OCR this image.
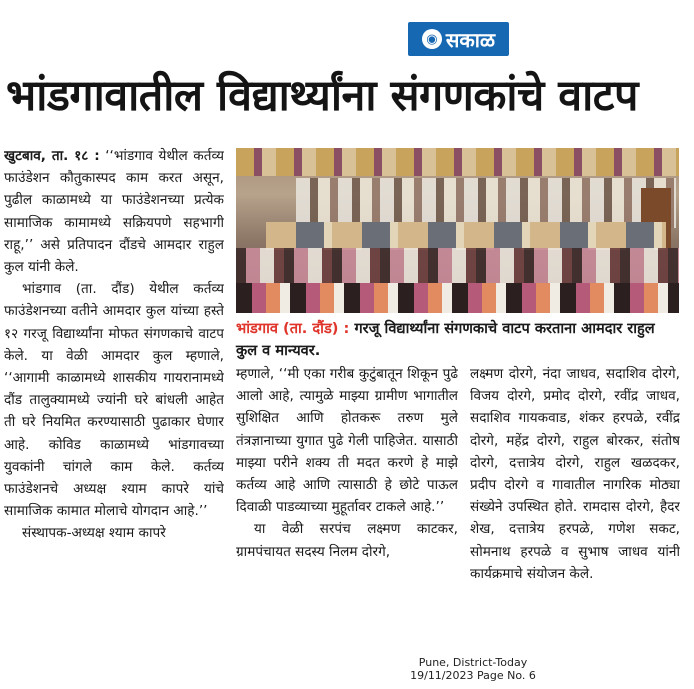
◉ सकाळ
भांडगावातील विद्यार्थ्यांना संगणकांचे वाटप

खुटबाव, ता. १८ : ‘‘भांडगाव येथील कर्तव्य फाउंडेशन कौतुकास्पद काम करत असून, पुढील काळामध्ये या फाउंडेशनच्या प्रत्येक सामाजिक कामामध्ये सक्रियपणे सहभागी राहू,’’ असे प्रतिपादन दौंडचे आमदार राहुल कुल यांनी केले.

भांडगाव (ता. दौंड) येथील कर्तव्य फाउंडेशनच्या वतीने आमदार कुल यांच्या हस्ते १२ गरजू विद्यार्थ्यांना मोफत संगणकाचे वाटप केले. या वेळी आमदार कुल म्हणाले, ‘‘आगामी काळामध्ये शासकीय गायरानामध्ये दौंड तालुक्यामध्ये ज्यांनी घरे बांधली आहेत ती घरे नियमित करण्यासाठी पुढाकार घेणार आहे. कोविड काळामध्ये भांडगावच्या युवकांनी चांगले काम केले. कर्तव्य फाउंडेशनचे अध्यक्ष श्याम कापरे यांचे सामाजिक कामात मोलाचे योगदान आहे.’’

संस्थापक-अध्यक्ष श्याम कापरे

भांडगाव (ता. दौंड) : गरजू विद्यार्थ्यांना संगणकाचे वाटप करताना आमदार राहुल कुल व मान्यवर.

म्हणाले, ‘‘मी एका गरीब कुटुंबातून शिकून पुढे आलो आहे, त्यामुळे माझ्या ग्रामीण भागातील सुशिक्षित आणि होतकरू तरुण मुले तंत्रज्ञानाच्या युगात पुढे गेली पाहिजेत. यासाठी माझ्या परीने शक्य ती मदत करणे हे माझे कर्तव्य आहे आणि त्यासाठी हे छोटे पाऊल दिवाळी पाडव्याच्या मुहूर्तावर टाकले आहे.’’

या वेळी सरपंच लक्ष्मण काटकर, ग्रामपंचायत सदस्य निलम दोरगे,

लक्ष्मण दोरगे, नंदा जाधव, सदाशिव दोरगे, विजय दोरगे, प्रमोद दोरगे, रवींद्र जाधव, सदाशिव गायकवाड, शंकर हरपळे, रवींद्र दोरगे, महेंद्र दोरगे, राहुल बोरकर, संतोष दोरगे, दत्तात्रेय दोरगे, राहुल खळदकर, प्रदीप दोरगे व गावातील नागरिक मोठ्या संख्येने उपस्थित होते. रामदास दोरगे, हैदर शेख, दत्तात्रेय हरपळे, गणेश सकट, सोमनाथ हरपळे व सुभाष जाधव यांनी कार्यक्रमाचे संयोजन केले.

Pune, District-Today
19/11/2023 Page No. 6
